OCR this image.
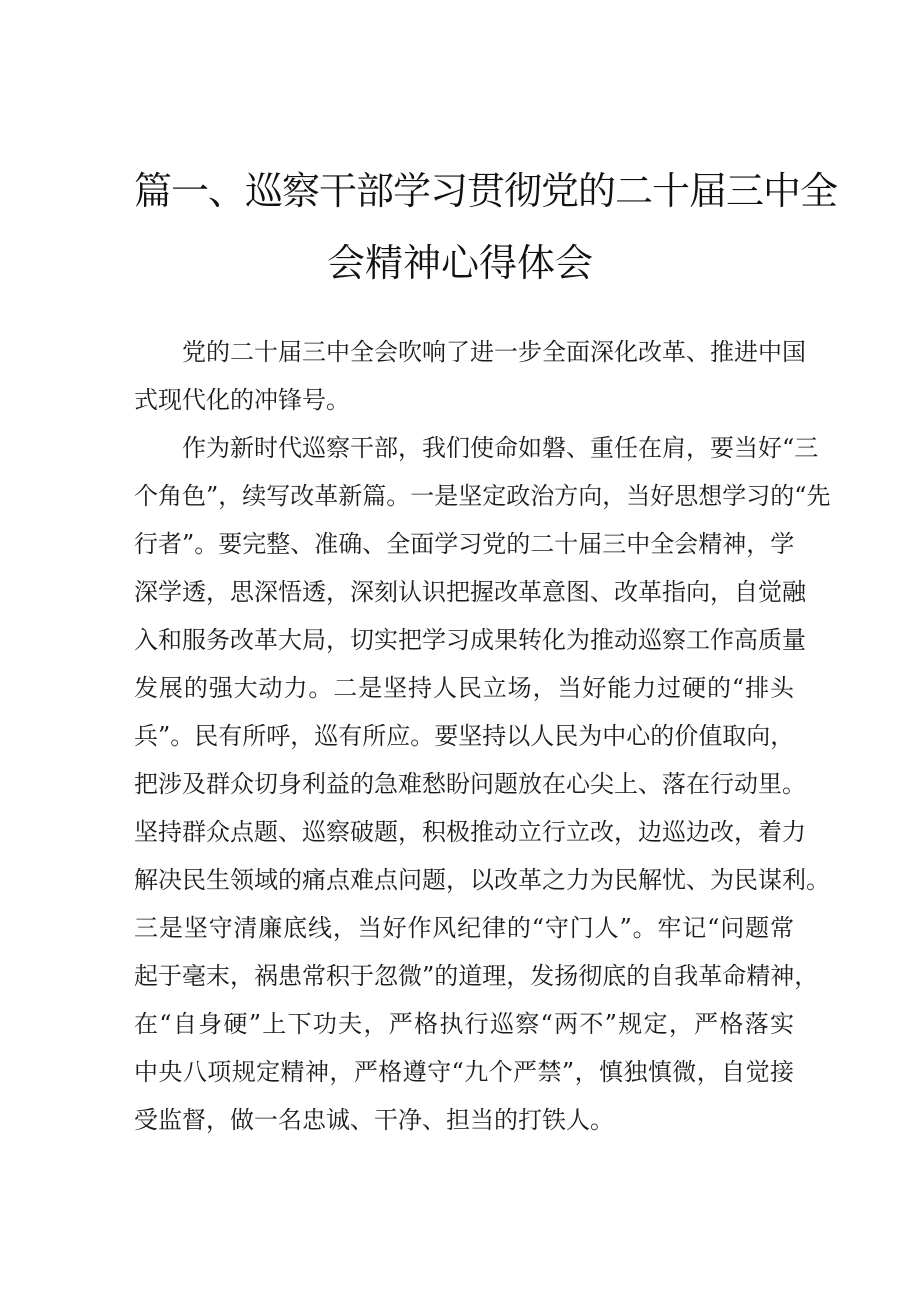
篇一、巡察干部学习贯彻党的二十届三中全
会精神心得体会
　　党的二十届三中全会吹响了进一步全面深化改革、推进中国
式现代化的冲锋号。
　　作为新时代巡察干部，我们使命如磐、重任在肩，要当好“三
个角色”，续写改革新篇。一是坚定政治方向，当好思想学习的“先
行者”。要完整、准确、全面学习党的二十届三中全会精神，学
深学透，思深悟透，深刻认识把握改革意图、改革指向，自觉融
入和服务改革大局，切实把学习成果转化为推动巡察工作高质量
发展的强大动力。二是坚持人民立场，当好能力过硬的“排头
兵”。民有所呼，巡有所应。要坚持以人民为中心的价值取向，
把涉及群众切身利益的急难愁盼问题放在心尖上、落在行动里。
坚持群众点题、巡察破题，积极推动立行立改，边巡边改，着力
解决民生领域的痛点难点问题，以改革之力为民解忧、为民谋利。
三是坚守清廉底线，当好作风纪律的“守门人”。牢记“问题常
起于毫末，祸患常积于忽微”的道理，发扬彻底的自我革命精神，
在“自身硬”上下功夫，严格执行巡察“两不”规定，严格落实
中央八项规定精神，严格遵守“九个严禁”，慎独慎微，自觉接
受监督，做一名忠诚、干净、担当的打铁人。
